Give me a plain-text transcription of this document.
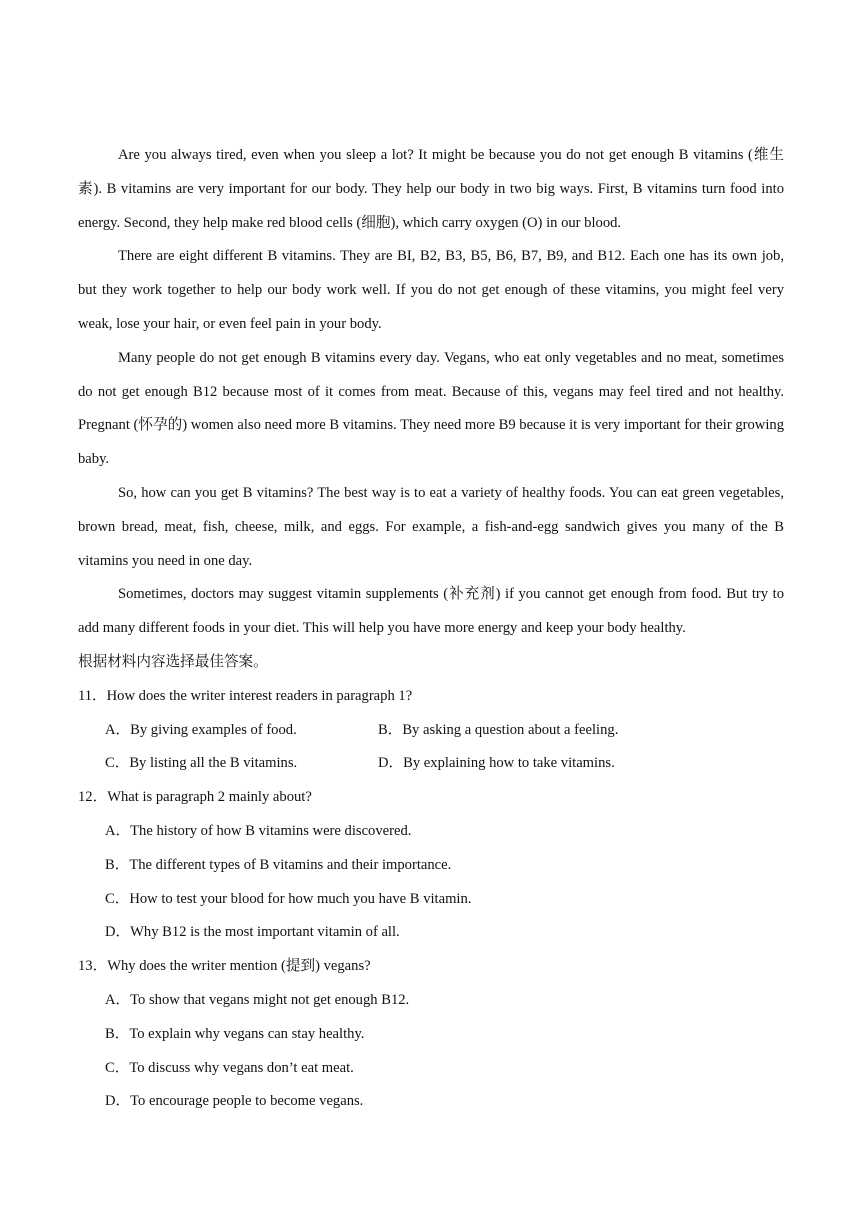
Are you always tired, even when you sleep a lot? It might be because you do not get enough B vitamins (维生素). B vitamins are very important for our body. They help our body in two big ways. First, B vitamins turn food into energy. Second, they help make red blood cells (细胞), which carry oxygen (O) in our blood.

There are eight different B vitamins. They are BI, B2, B3, B5, B6, B7, B9, and B12. Each one has its own job, but they work together to help our body work well. If you do not get enough of these vitamins, you might feel very weak, lose your hair, or even feel pain in your body.

Many people do not get enough B vitamins every day. Vegans, who eat only vegetables and no meat, sometimes do not get enough B12 because most of it comes from meat. Because of this, vegans may feel tired and not healthy. Pregnant (怀孕的) women also need more B vitamins. They need more B9 because it is very important for their growing baby.

So, how can you get B vitamins? The best way is to eat a variety of healthy foods. You can eat green vegetables, brown bread, meat, fish, cheese, milk, and eggs. For example, a fish-and-egg sandwich gives you many of the B vitamins you need in one day.

Sometimes, doctors may suggest vitamin supplements (补充剂) if you cannot get enough from food. But try to add many different foods in your diet. This will help you have more energy and keep your body healthy.

根据材料内容选择最佳答案。

11．How does the writer interest readers in paragraph 1?

A．By giving examples of food.	B．By asking a question about a feeling.
C．By listing all the B vitamins.	D．By explaining how to take vitamins.

12．What is paragraph 2 mainly about?

A．The history of how B vitamins were discovered.

B．The different types of B vitamins and their importance.

C．How to test your blood for how much you have B vitamin.

D．Why B12 is the most important vitamin of all.

13．Why does the writer mention (提到) vegans?

A．To show that vegans might not get enough B12.

B．To explain why vegans can stay healthy.

C．To discuss why vegans don’t eat meat.

D．To encourage people to become vegans.
